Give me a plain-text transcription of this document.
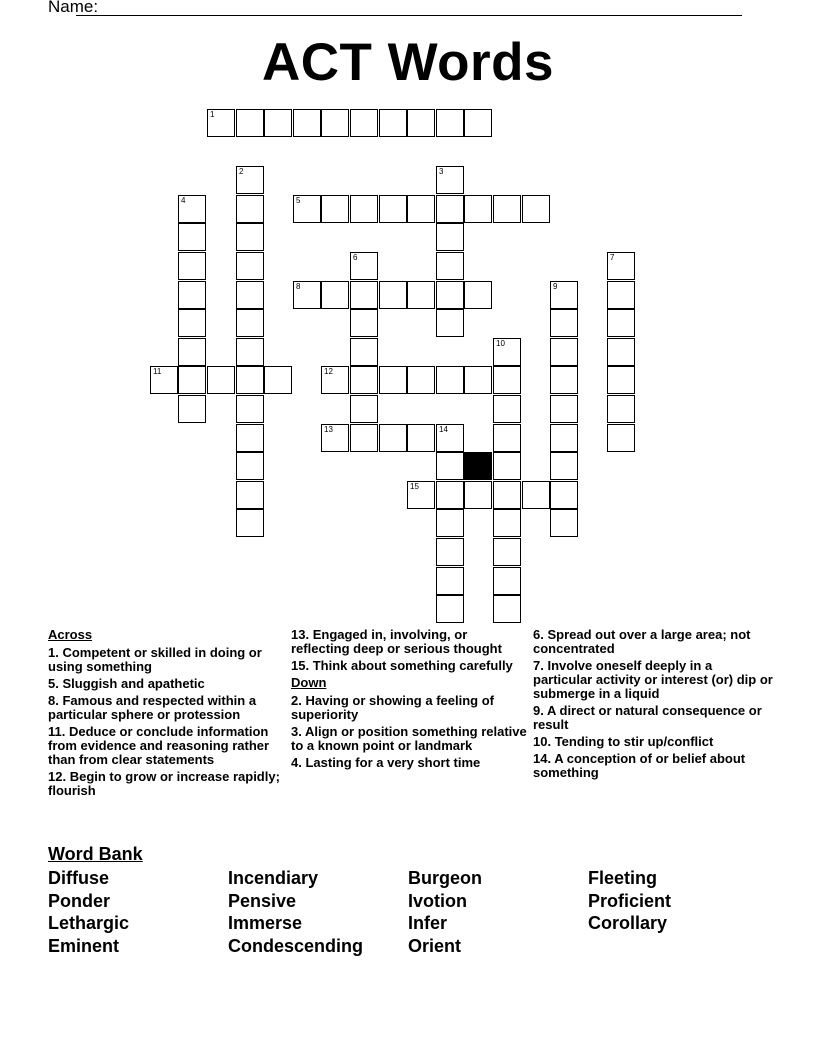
Name:
ACT Words
1
2	3
4	5
6	7
8	9
10
11	12
13	14
15
Across
1. Competent or skilled in doing or using something
5. Sluggish and apathetic
8. Famous and respected within a particular sphere or protession
11. Deduce or conclude information from evidence and reasoning rather than from clear statements
12. Begin to grow or increase rapidly; flourish
13. Engaged in, involving, or reflecting deep or serious thought
15. Think about something carefully
Down
2. Having or showing a feeling of superiority
3. Align or position something relative to a known point or landmark
4. Lasting for a very short time
6. Spread out over a large area; not concentrated
7. Involve oneself deeply in a particular activity or interest (or) dip or submerge in a liquid
9. A direct or natural consequence or result
10. Tending to stir up/conflict
14. A conception of or belief about something
Word Bank
Diffuse
Ponder
Lethargic
Eminent
Incendiary
Pensive
Immerse
Condescending
Burgeon
Ivotion
Infer
Orient
Fleeting
Proficient
Corollary
